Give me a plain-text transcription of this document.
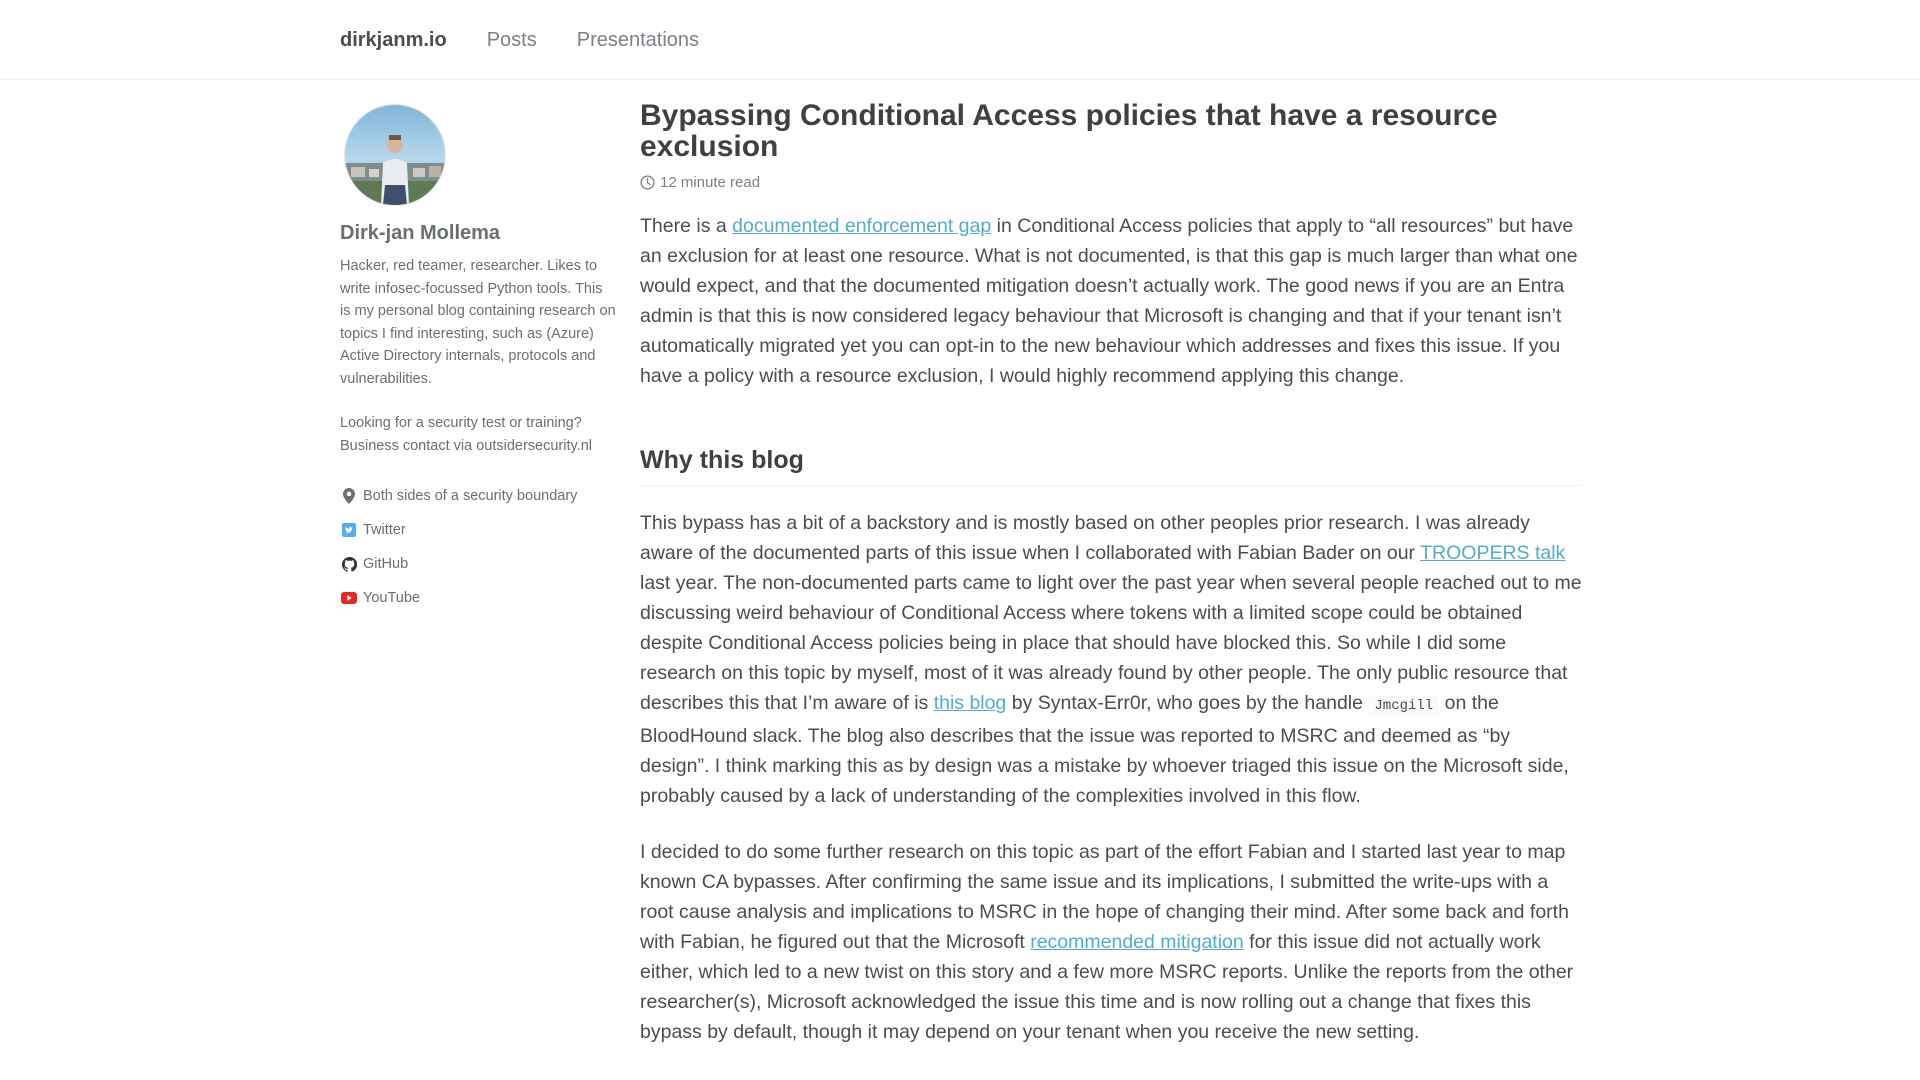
dirkjanm.io Posts Presentations
Dirk-jan Mollema

Hacker, red teamer, researcher. Likes to write infosec-focussed Python tools. This is my personal blog containing research on topics I find interesting, such as (Azure) Active Directory internals, protocols and vulnerabilities.

Looking for a security test or training? Business contact via outsidersecurity.nl

Both sides of a security boundary
Twitter
GitHub
YouTube
Bypassing Conditional Access policies that have a resource exclusion
12 minute read

There is a documented enforcement gap in Conditional Access policies that apply to “all resources” but have an exclusion for at least one resource. What is not documented, is that this gap is much larger than what one would expect, and that the documented mitigation doesn’t actually work. The good news if you are an Entra admin is that this is now considered legacy behaviour that Microsoft is changing and that if your tenant isn’t automatically migrated yet you can opt-in to the new behaviour which addresses and fixes this issue. If you have a policy with a resource exclusion, I would highly recommend applying this change.

Why this blog

This bypass has a bit of a backstory and is mostly based on other peoples prior research. I was already aware of the documented parts of this issue when I collaborated with Fabian Bader on our TROOPERS talk last year. The non-documented parts came to light over the past year when several people reached out to me discussing weird behaviour of Conditional Access where tokens with a limited scope could be obtained despite Conditional Access policies being in place that should have blocked this. So while I did some research on this topic by myself, most of it was already found by other people. The only public resource that describes this that I’m aware of is this blog by Syntax-Err0r, who goes by the handle Jmcgill on the BloodHound slack. The blog also describes that the issue was reported to MSRC and deemed as “by design”. I think marking this as by design was a mistake by whoever triaged this issue on the Microsoft side, probably caused by a lack of understanding of the complexities involved in this flow.

I decided to do some further research on this topic as part of the effort Fabian and I started last year to map known CA bypasses. After confirming the same issue and its implications, I submitted the write-ups with a root cause analysis and implications to MSRC in the hope of changing their mind. After some back and forth with Fabian, he figured out that the Microsoft recommended mitigation for this issue did not actually work either, which led to a new twist on this story and a few more MSRC reports. Unlike the reports from the other researcher(s), Microsoft acknowledged the issue this time and is now rolling out a change that fixes this bypass by default, though it may depend on your tenant when you receive the new setting.
